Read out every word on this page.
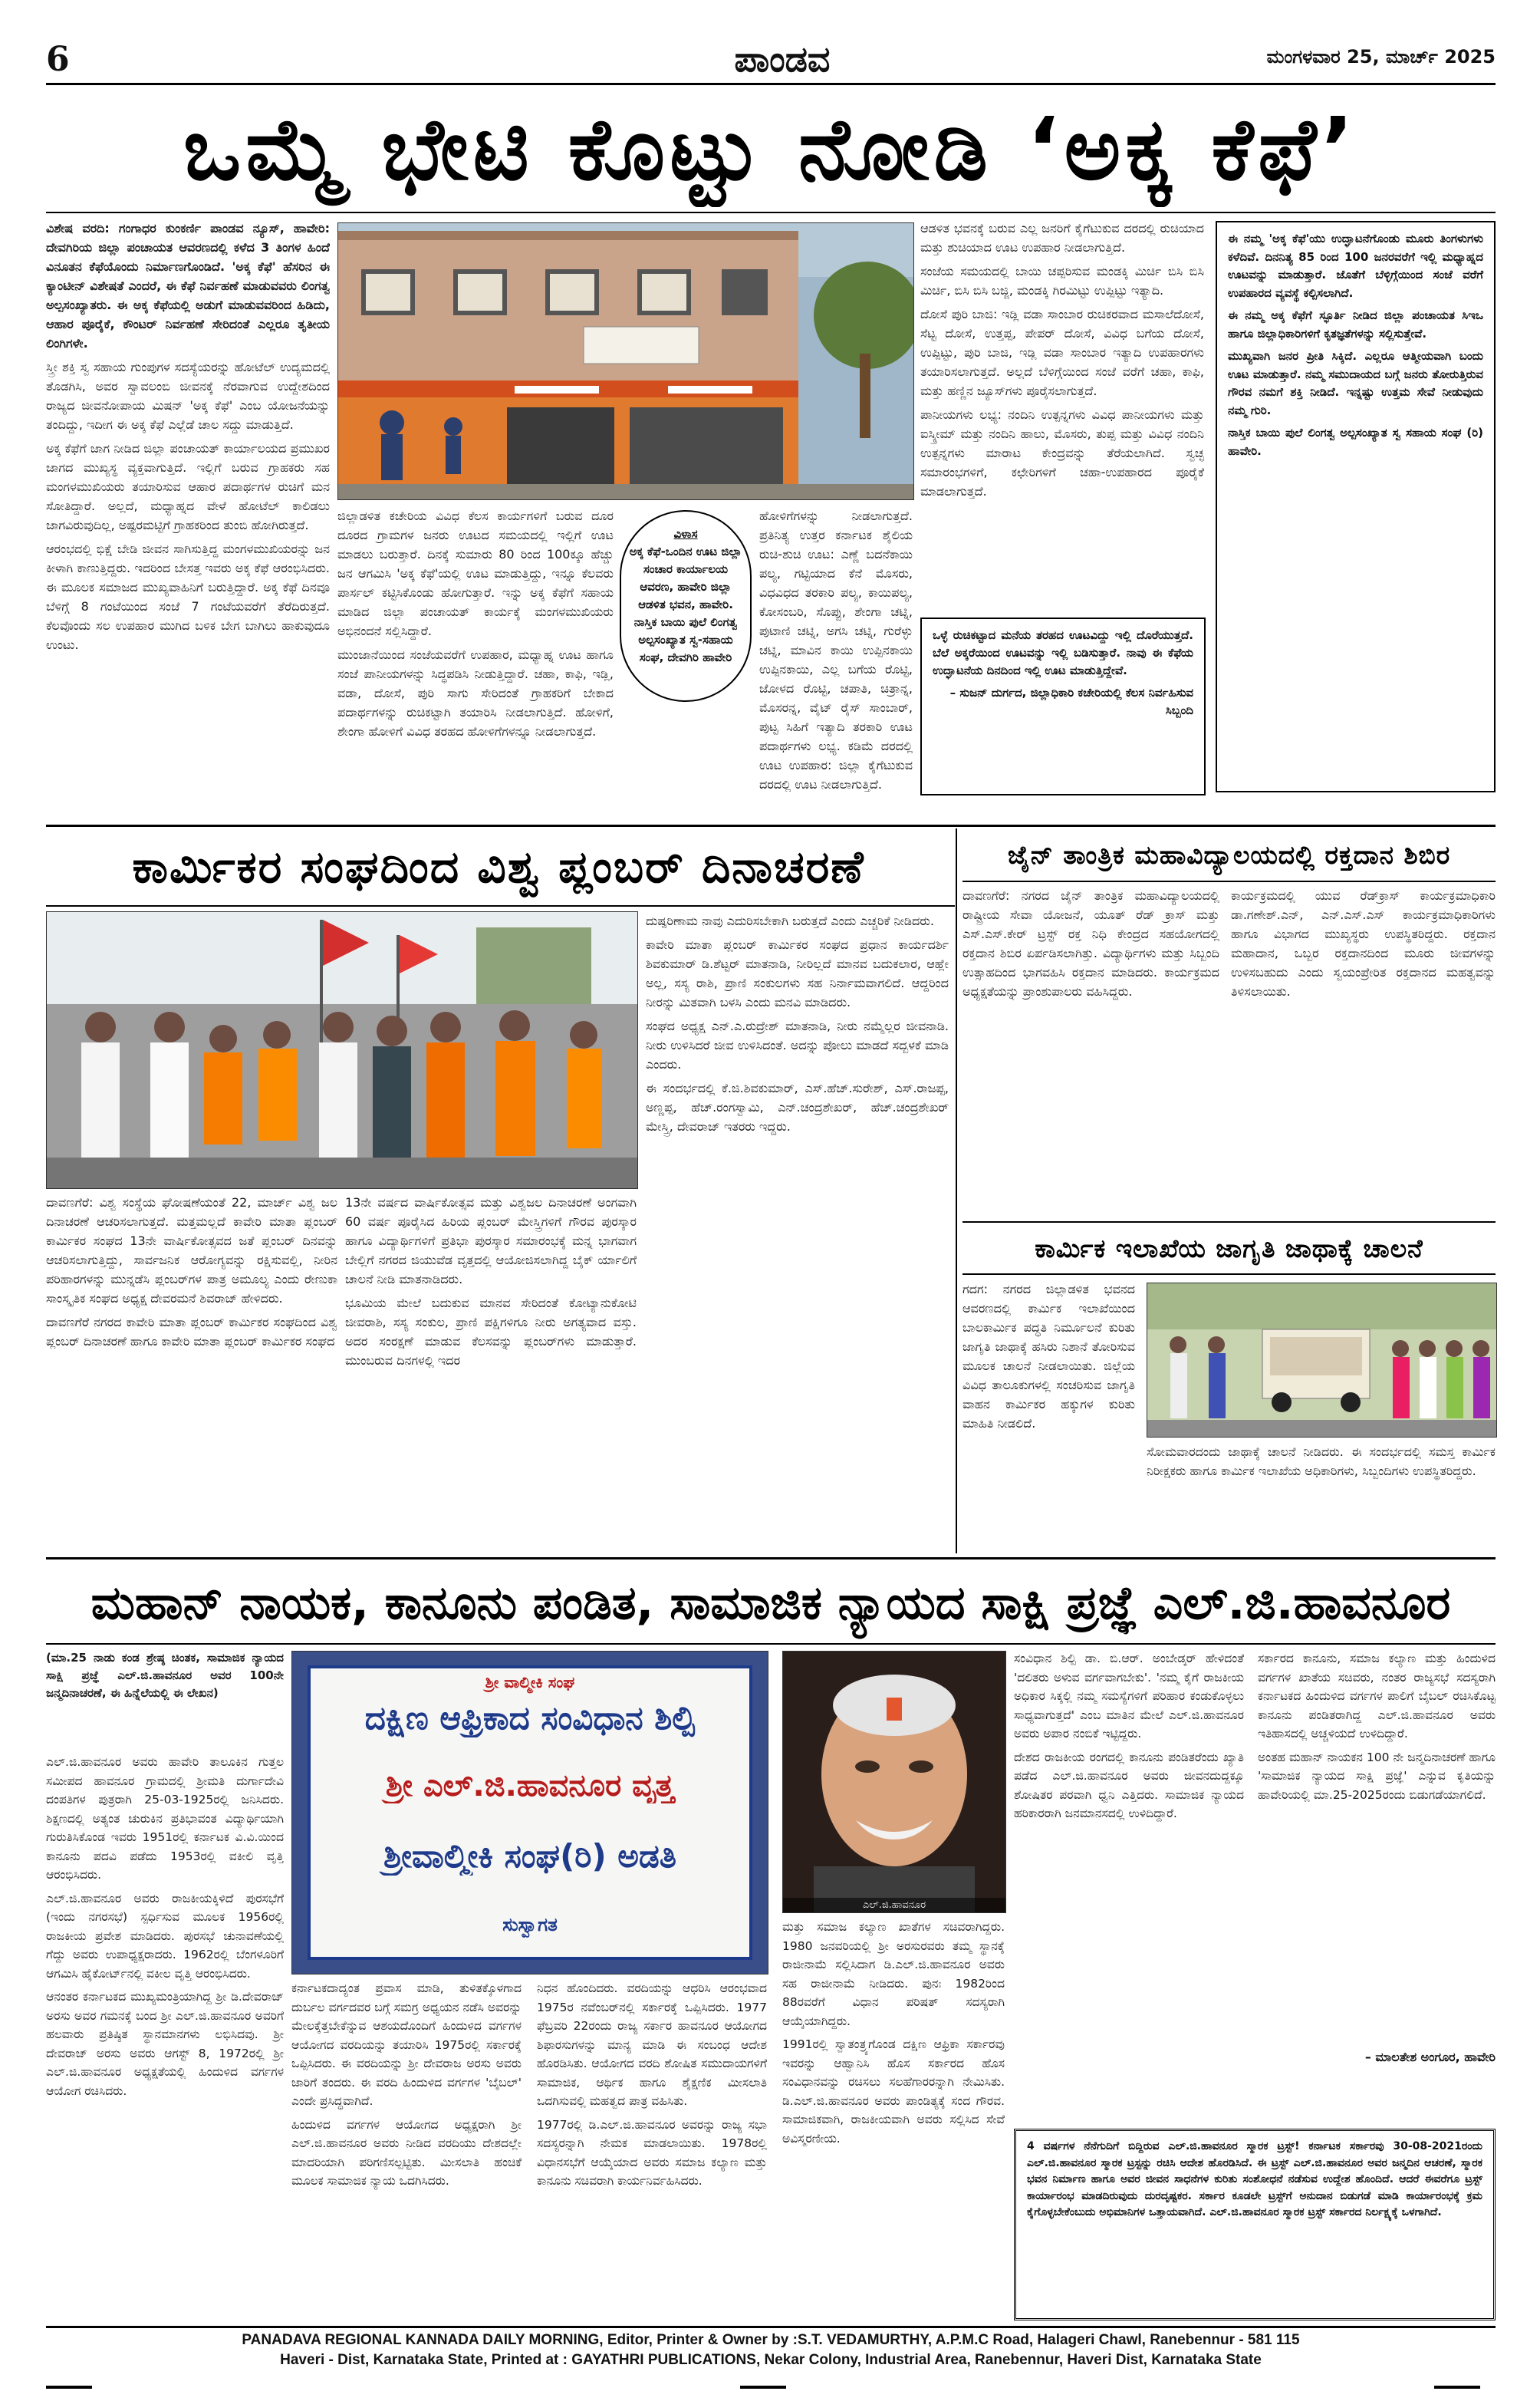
6	ಪಾಂಡವ	ಮಂಗಳವಾರ 25, ಮಾರ್ಚ್ 2025
ಒಮ್ಮೆ ಭೇಟಿ ಕೊಟ್ಟು ನೋಡಿ ‘ಅಕ್ಕ ಕೆಫೆ’

ವಿಶೇಷ ವರದಿ: ಗಂಗಾಧರ ಕುಂಕರ್ಣಿ ಪಾಂಡವ ನ್ಯೂಸ್, ಹಾವೇರಿ: ದೇವಗಿರಿಯ ಜಿಲ್ಲಾ ಪಂಚಾಯತ ಆವರಣದಲ್ಲಿ ಕಳೆದ 3 ತಿಂಗಳ ಹಿಂದೆ ವಿನೂತನ ಕೆಫೆಯೊಂದು ನಿರ್ಮಾಣಗೊಂಡಿದೆ. 'ಅಕ್ಕ ಕೆಫೆ' ಹೆಸರಿನ ಈ ಕ್ಯಾಂಟೀನ್ ವಿಶೇಷತೆ ಎಂದರೆ, ಈ ಕೆಫೆ ನಿರ್ವಹಣೆ ಮಾಡುವವರು ಲಿಂಗತ್ವ ಅಲ್ಪಸಂಖ್ಯಾತರು. ಈ ಅಕ್ಕ ಕೆಫೆಯಲ್ಲಿ ಅಡುಗೆ ಮಾಡುವವರಿಂದ ಹಿಡಿದು, ಆಹಾರ ಪೂರೈಕೆ, ಕೌಂಟರ್ ನಿರ್ವಹಣೆ ಸೇರಿದಂತೆ ಎಲ್ಲರೂ ತೃತೀಯ ಲಿಂಗಿಗಳೇ.

ಸ್ತ್ರೀ ಶಕ್ತಿ ಸ್ವ ಸಹಾಯ ಗುಂಪುಗಳ ಸದಸ್ಯೆಯರನ್ನು ಹೋಟೆಲ್ ಉದ್ಯಮದಲ್ಲಿ ತೊಡಗಿಸಿ, ಅವರ ಸ್ವಾವಲಂಬಿ ಜೀವನಕ್ಕೆ ನೆರವಾಗುವ ಉದ್ದೇಶದಿಂದ ರಾಜ್ಯದ ಜೀವನೋಪಾಯ ಮಿಷನ್ 'ಅಕ್ಕ ಕೆಫೆ' ಎಂಬ ಯೋಜನೆಯನ್ನು ತಂದಿದ್ದು, ಇದೀಗ ಈ ಅಕ್ಕ ಕೆಫೆ ಎಲ್ಲೆಡೆ ಚಾಲ ಸದ್ದು ಮಾಡುತ್ತಿದೆ.

ಅಕ್ಕ ಕೆಫೆಗೆ ಜಾಗ ನೀಡಿದ ಜಿಲ್ಲಾ ಪಂಚಾಯತ್ ಕಾರ್ಯಾಲಯದ ಪ್ರಮುಖರ ಜಾಗದ ಮುಖ್ಯಸ್ಥ ವ್ಯಕ್ತವಾಗುತ್ತಿದೆ. ಇಲ್ಲಿಗೆ ಬರುವ ಗ್ರಾಹಕರು ಸಹ ಮಂಗಳಮುಖಿಯರು ತಯಾರಿಸುವ ಆಹಾರ ಪದಾರ್ಥಗಳ ರುಚಿಗೆ ಮನ ಸೋತಿದ್ದಾರೆ. ಅಲ್ಲದೆ, ಮಧ್ಯಾಹ್ನದ ವೇಳೆ ಹೋಟೆಲ್ ಕಾಲಿಡಲು ಜಾಗವಿರುವುದಿಲ್ಲ, ಅಷ್ಟರಮಟ್ಟಿಗೆ ಗ್ರಾಹಕರಿಂದ ತುಂಬಿ ಹೋಗಿರುತ್ತದೆ.

ಆರಂಭದಲ್ಲಿ ಭಿಕ್ಷೆ ಬೇಡಿ ಜೀವನ ಸಾಗಿಸುತ್ತಿದ್ದ ಮಂಗಳಮುಖಿಯರನ್ನು ಜನ ಕೀಳಾಗಿ ಕಾಣುತ್ತಿದ್ದರು. ಇದರಿಂದ ಬೇಸತ್ತ ಇವರು ಅಕ್ಕ ಕೆಫೆ ಆರಂಭಿಸಿದರು. ಈ ಮೂಲಕ ಸಮಾಜದ ಮುಖ್ಯವಾಹಿನಿಗೆ ಬರುತ್ತಿದ್ದಾರೆ. ಅಕ್ಕ ಕೆಫೆ ದಿನವೂ ಬೆಳಿಗ್ಗೆ 8 ಗಂಟೆಯಿಂದ ಸಂಜೆ 7 ಗಂಟೆಯವರೆಗೆ ತೆರೆದಿರುತ್ತದೆ. ಕೆಲವೊಂದು ಸಲ ಉಪಹಾರ ಮುಗಿದ ಬಳಿಕ ಬೇಗ ಬಾಗಿಲು ಹಾಕುವುದೂ ಉಂಟು.

ಜಿಲ್ಲಾಡಳಿತ ಕಚೇರಿಯ ವಿವಿಧ ಕೆಲಸ ಕಾರ್ಯಗಳಿಗೆ ಬರುವ ದೂರ ದೂರದ ಗ್ರಾಮಗಳ ಜನರು ಊಟದ ಸಮಯದಲ್ಲಿ ಇಲ್ಲಿಗೆ ಊಟ ಮಾಡಲು ಬರುತ್ತಾರೆ. ದಿನಕ್ಕೆ ಸುಮಾರು 80 ರಿಂದ 100ಕ್ಕೂ ಹೆಚ್ಚು ಜನ ಆಗಮಿಸಿ 'ಅಕ್ಕ ಕೆಫೆ'ಯಲ್ಲಿ ಊಟ ಮಾಡುತ್ತಿದ್ದು, ಇನ್ನೂ ಕೆಲವರು ಪಾರ್ಸಲ್ ಕಟ್ಟಿಸಿಕೊಂಡು ಹೋಗುತ್ತಾರೆ. ಇನ್ನು ಅಕ್ಕ ಕೆಫೆಗೆ ಸಹಾಯ ಮಾಡಿದ ಜಿಲ್ಲಾ ಪಂಚಾಯತ್ ಕಾರ್ಯಕ್ಕೆ ಮಂಗಳಮುಖಿಯರು ಅಭಿನಂದನೆ ಸಲ್ಲಿಸಿದ್ದಾರೆ.

ಮುಂಜಾನೆಯಿಂದ ಸಂಜೆಯವರೆಗೆ ಉಪಹಾರ, ಮಧ್ಯಾಹ್ನ ಊಟ ಹಾಗೂ ಸಂಜೆ ಪಾನೀಯಗಳನ್ನು ಸಿದ್ಧಪಡಿಸಿ ನೀಡುತ್ತಿದ್ದಾರೆ. ಚಹಾ, ಕಾಫಿ, ಇಡ್ಲಿ, ವಡಾ, ದೋಸೆ, ಪುರಿ ಸಾಗು ಸೇರಿದಂತೆ ಗ್ರಾಹಕರಿಗೆ ಬೇಕಾದ ಪದಾರ್ಥಗಳನ್ನು ರುಚಿಕಟ್ಟಾಗಿ ತಯಾರಿಸಿ ನೀಡಲಾಗುತ್ತಿದೆ. ಹೋಳಿಗೆ, ಶೇಂಗಾ ಹೋಳಿಗೆ ವಿವಿಧ ತರಹದ ಹೋಳಿಗೆಗಳನ್ನೂ ನೀಡಲಾಗುತ್ತದೆ.

ವಿಳಾಸ
ಅಕ್ಕ ಕೆಫೆ-ಒಂದಿನ ಊಟ ಜಿಲ್ಲಾ ಸಂಚಾರ ಕಾರ್ಯಾಲಯ ಆವರಣ, ಹಾವೇರಿ ಜಿಲ್ಲಾ ಆಡಳಿತ ಭವನ, ಹಾವೇರಿ. ನಾಸ್ತಿಕ ಬಾಯಿ ಪುಲೆ ಲಿಂಗತ್ವ ಅಲ್ಪಸಂಖ್ಯಾತ ಸ್ವ-ಸಹಾಯ ಸಂಘ, ದೇವಗಿರಿ ಹಾವೇರಿ

ಹೋಳಿಗೆಗಳನ್ನು ನೀಡಲಾಗುತ್ತದೆ. ಪ್ರತಿನಿತ್ಯ ಉತ್ತರ ಕರ್ನಾಟಕ ಶೈಲಿಯ ರುಚಿ-ಶುಚಿ ಊಟ: ಎಣ್ಣೆ ಬದನೆಕಾಯಿ ಪಲ್ಯ, ಗಟ್ಟಿಯಾದ ಕೆನೆ ಮೊಸರು, ವಿಧವಿಧದ ತರಕಾರಿ ಪಲ್ಯ, ಕಾಯಿಪಲ್ಯ, ಕೋಸಂಬರಿ, ಸೊಪ್ಪು, ಶೇಂಗಾ ಚಟ್ನಿ, ಪುಟಾಣಿ ಚಟ್ನಿ, ಅಗಸಿ ಚಟ್ನಿ, ಗುರೆಳ್ಳು ಚಟ್ನಿ, ಮಾವಿನ ಕಾಯಿ ಉಪ್ಪಿನಕಾಯಿ ಉಪ್ಪಿನಕಾಯಿ, ಎಲ್ಲ ಬಗೆಯ ರೊಟ್ಟಿ, ಜೋಳದ ರೊಟ್ಟಿ, ಚಪಾತಿ, ಚಿತ್ರಾನ್ನ, ಮೊಸರನ್ನ, ವೈಟ್ ರೈಸ್ ಸಾಂಬಾರ್, ಪುಟ್ಟ ಸಿಹಿಗೆ ಇತ್ಯಾದಿ ತರಕಾರಿ ಊಟ ಪದಾರ್ಥಗಳು ಲಭ್ಯ. ಕಡಿಮೆ ದರದಲ್ಲಿ ಊಟ ಉಪಹಾರ: ಜಿಲ್ಲಾ ಕೈಗೆಟುಕುವ ದರದಲ್ಲಿ ಊಟ ನೀಡಲಾಗುತ್ತಿದೆ.

ಆಡಳಿತ ಭವನಕ್ಕೆ ಬರುವ ಎಲ್ಲ ಜನರಿಗೆ ಕೈಗೆಟುಕುವ ದರದಲ್ಲಿ ರುಚಿಯಾದ ಮತ್ತು ಶುಚಿಯಾದ ಊಟ ಉಪಹಾರ ನೀಡಲಾಗುತ್ತಿದೆ.

ಸಂಜೆಯ ಸಮಯದಲ್ಲಿ ಬಾಯಿ ಚಪ್ಪರಿಸುವ ಮಂಡಕ್ಕಿ ಮಿರ್ಚಿ ಬಿಸಿ ಬಿಸಿ ಮಿರ್ಚಿ, ಬಿಸಿ ಬಿಸಿ ಬಜ್ಜಿ, ಮಂಡಕ್ಕಿ ಗಿರಮಿಟ್ಟು ಉಪ್ಪಿಟ್ಟು ಇತ್ಯಾದಿ.

ದೋಸೆ ಪುರಿ ಬಾಜಿ: ಇಡ್ಲಿ ವಡಾ ಸಾಂಬಾರ ರುಚಿಕರವಾದ ಮಸಾಲೆದೋಸೆ, ಸೆಟ್ಟ ದೋಸೆ, ಉತ್ತಪ್ಪ, ಪೇಪರ್ ದೋಸೆ, ವಿವಿಧ ಬಗೆಯ ದೋಸೆ, ಉಪ್ಪಿಟ್ಟು, ಪುರಿ ಬಾಜಿ, ಇಡ್ಲಿ ವಡಾ ಸಾಂಬಾರ ಇತ್ಯಾದಿ ಉಪಹಾರಗಳು ತಯಾರಿಸಲಾಗುತ್ತದೆ. ಅಲ್ಲದೆ ಬೆಳಿಗ್ಗೆಯಿಂದ ಸಂಜೆ ವರೆಗೆ ಚಹಾ, ಕಾಫಿ, ಮತ್ತು ಹಣ್ಣಿನ ಜ್ಯೂಸ್‌ಗಳು ಪೂರೈಸಲಾಗುತ್ತದೆ.

ಪಾನೀಯಗಳು ಲಭ್ಯ: ನಂದಿನಿ ಉತ್ಪನ್ನಗಳು ವಿವಿಧ ಪಾನೀಯಗಳು ಮತ್ತು ಐಸ್ಕ್ರೀಮ್ ಮತ್ತು ನಂದಿನಿ ಹಾಲು, ಮೊಸರು, ತುಪ್ಪ ಮತ್ತು ವಿವಿಧ ನಂದಿನಿ ಉತ್ಪನ್ನಗಳು ಮಾರಾಟ ಕೇಂದ್ರವನ್ನು ತೆರೆಯಲಾಗಿದೆ. ಸ್ವಚ್ಛ ಸಮಾರಂಭಗಳಿಗೆ, ಕಛೇರಿಗಳಿಗೆ ಚಹಾ-ಉಪಹಾರದ ಪೂರೈಕೆ ಮಾಡಲಾಗುತ್ತದೆ.

ಒಳ್ಳೆ ರುಚಿಕಟ್ಟಾದ ಮನೆಯ ತರಹದ ಊಟವಿದ್ದು ಇಲ್ಲಿ ದೊರೆಯುತ್ತದೆ. ಬೆಲೆ ಅಕ್ಕರೆಯಿಂದ ಊಟವನ್ನು ಇಲ್ಲಿ ಬಡಿಸುತ್ತಾರೆ. ನಾವು ಈ ಕೆಫೆಯ ಉದ್ಘಾಟನೆಯ ದಿನದಿಂದ ಇಲ್ಲಿ ಊಟ ಮಾಡುತ್ತಿದ್ದೇವೆ.
– ಸುಜನ್ ದುರ್ಗದ, ಜಿಲ್ಲಾಧಿಕಾರಿ ಕಚೇರಿಯಲ್ಲಿ ಕೆಲಸ ನಿರ್ವಹಿಸುವ ಸಿಬ್ಬಂದಿ

ಈ ನಮ್ಮ 'ಅಕ್ಕ ಕೆಫೆ'ಯು ಉದ್ಘಾಟನೆಗೊಂಡು ಮೂರು ತಿಂಗಳುಗಳು ಕಳೆದಿವೆ. ದಿನನಿತ್ಯ 85 ರಿಂದ 100 ಜನರವರೆಗೆ ಇಲ್ಲಿ ಮಧ್ಯಾಹ್ನದ ಊಟವನ್ನು ಮಾಡುತ್ತಾರೆ. ಜೊತೆಗೆ ಬೆಳ್ಳಿಗ್ಗೆಯಿಂದ ಸಂಜೆ ವರೆಗೆ ಉಪಹಾರದ ವ್ಯವಸ್ಥೆ ಕಲ್ಪಿಸಲಾಗಿದೆ.

ಈ ನಮ್ಮ ಅಕ್ಕ ಕೆಫೆಗೆ ಸ್ಫೂರ್ತಿ ನೀಡಿದ ಜಿಲ್ಲಾ ಪಂಚಾಯತ ಸಿಇಒ ಹಾಗೂ ಜಿಲ್ಲಾಧಿಕಾರಿಗಳಿಗೆ ಕೃತಜ್ಞತೆಗಳನ್ನು ಸಲ್ಲಿಸುತ್ತೇವೆ.

ಮುಖ್ಯವಾಗಿ ಜನರ ಪ್ರೀತಿ ಸಿಕ್ಕಿದೆ. ಎಲ್ಲರೂ ಆತ್ಮೀಯವಾಗಿ ಬಂದು ಊಟ ಮಾಡುತ್ತಾರೆ. ನಮ್ಮ ಸಮುದಾಯದ ಬಗ್ಗೆ ಜನರು ತೋರುತ್ತಿರುವ ಗೌರವ ನಮಗೆ ಶಕ್ತಿ ನೀಡಿದೆ. ಇನ್ನಷ್ಟು ಉತ್ತಮ ಸೇವೆ ನೀಡುವುದು ನಮ್ಮ ಗುರಿ.

ನಾಸ್ತಿಕ ಬಾಯಿ ಪುಲೆ ಲಿಂಗತ್ವ ಅಲ್ಪಸಂಖ್ಯಾತ ಸ್ವ ಸಹಾಯ ಸಂಘ (ರಿ) ಹಾವೇರಿ.

ಕಾರ್ಮಿಕರ ಸಂಘದಿಂದ ವಿಶ್ವ ಪ್ಲಂಬರ್ ದಿನಾಚರಣೆ

ದಾವಣಗೆರೆ: ವಿಶ್ವ ಸಂಸ್ಥೆಯ ಘೋಷಣೆಯಂತೆ 22, ಮಾರ್ಚ್ ವಿಶ್ವ ಜಲ ದಿನಾಚರಣೆ ಆಚರಿಸಲಾಗುತ್ತದೆ. ಮತ್ತಮಲ್ಲದೆ ಕಾವೇರಿ ಮಾತಾ ಪ್ಲಂಬರ್ ಕಾರ್ಮಿಕರ ಸಂಘದ 13ನೇ ವಾರ್ಷಿಕೋತ್ಸವದ ಜತೆ ಪ್ಲಂಬರ್ ದಿನವನ್ನು ಆಚರಿಸಲಾಗುತ್ತಿದ್ದು, ಸಾರ್ವಜನಿಕ ಆರೋಗ್ಯವನ್ನು ರಕ್ಷಿಸುವಲ್ಲಿ, ನೀರಿನ ಪರಿಹಾರಗಳನ್ನು ಮುನ್ನಡೆಸಿ ಪ್ಲಂಬರ್‌ಗಳ ಪಾತ್ರ ಅಮೂಲ್ಯ ಎಂದು ರೇಣುಕಾ ಸಾಂಸ್ಕೃತಿಕ ಸಂಘದ ಅಧ್ಯಕ್ಷ ದೇವರಮನೆ ಶಿವರಾಜ್ ಹೇಳಿದರು.

ದಾವಣಗೆರೆ ನಗರದ ಕಾವೇರಿ ಮಾತಾ ಪ್ಲಂಬರ್ ಕಾರ್ಮಿಕರ ಸಂಘದಿಂದ ವಿಶ್ವ ಪ್ಲಂಬರ್ ದಿನಾಚರಣೆ ಹಾಗೂ ಕಾವೇರಿ ಮಾತಾ ಪ್ಲಂಬರ್ ಕಾರ್ಮಿಕರ ಸಂಘದ

13ನೇ ವರ್ಷದ ವಾರ್ಷಿಕೋತ್ಸವ ಮತ್ತು ವಿಶ್ವಜಲ ದಿನಾಚರಣೆ ಅಂಗವಾಗಿ 60 ವರ್ಷ ಪೂರೈಸಿದ ಹಿರಿಯ ಪ್ಲಂಬರ್ ಮೇಸ್ತ್ರಿಗಳಿಗೆ ಗೌರವ ಪುರಸ್ಕಾರ ಹಾಗೂ ವಿದ್ಯಾರ್ಥಿಗಳಿಗೆ ಪ್ರತಿಭಾ ಪುರಸ್ಕಾರ ಸಮಾರಂಭಕ್ಕೆ ಮನ್ನ ಭಾಗವಾಗ ಬೇಲ್ಲಿಗೆ ನಗರದ ಜಿಯುವೆಡ ವೃತ್ತದಲ್ಲಿ ಆಯೋಜಿಸಲಾಗಿದ್ದ ಬೈಕ್ ರ್ಯಾಲಿಗೆ ಚಾಲನೆ ನೀಡಿ ಮಾತನಾಡಿದರು.

ಭೂಮಿಯ ಮೇಲೆ ಬದುಕುವ ಮಾನವ ಸೇರಿದಂತೆ ಕೋಟ್ಯಾನುಕೋಟಿ ಜೀವರಾಶಿ, ಸಸ್ಯ ಸಂಕುಲ, ಪ್ರಾಣಿ ಪಕ್ಷಿಗಳಿಗೂ ನೀರು ಅಗತ್ಯವಾದ ವಸ್ತು. ಅದರ ಸಂರಕ್ಷಣೆ ಮಾಡುವ ಕೆಲಸವನ್ನು ಪ್ಲಂಬರ್‌ಗಳು ಮಾಡುತ್ತಾರೆ. ಮುಂಬರುವ ದಿನಗಳಲ್ಲಿ ಇದರ

ದುಷ್ಪರಿಣಾಮ ನಾವು ಎದುರಿಸಬೇಕಾಗಿ ಬರುತ್ತದೆ ಎಂದು ಎಚ್ಚರಿಕೆ ನೀಡಿದರು.

ಕಾವೇರಿ ಮಾತಾ ಪ್ಲಂಬರ್ ಕಾರ್ಮಿಕರ ಸಂಘದ ಪ್ರಧಾನ ಕಾರ್ಯದರ್ಶಿ ಶಿವಕುಮಾರ್ ಡಿ.ಶೆಟ್ಟರ್ ಮಾತನಾಡಿ, ನೀರಿಲ್ಲದೆ ಮಾನವ ಬದುಕಲಾರ, ಆಹ್ಲೇ ಅಲ್ಲ, ಸಸ್ಯ ರಾಶಿ, ಪ್ರಾಣಿ ಸಂಕುಲಗಳು ಸಹ ನಿರ್ನಾಮವಾಗಲಿದೆ. ಆದ್ದರಿಂದ ನೀರನ್ನು ಮಿತವಾಗಿ ಬಳಸಿ ಎಂದು ಮನವಿ ಮಾಡಿದರು.

ಸಂಘದ ಅಧ್ಯಕ್ಷ ಎನ್.ಎ.ರುದ್ರೇಶ್ ಮಾತನಾಡಿ, ನೀರು ನಮ್ಮೆಲ್ಲರ ಜೀವನಾಡಿ. ನೀರು ಉಳಿಸಿದರೆ ಜೀವ ಉಳಿಸಿದಂತೆ. ಅದನ್ನು ಪೋಲು ಮಾಡದೆ ಸದ್ಬಳಕೆ ಮಾಡಿ ಎಂದರು.

ಈ ಸಂದರ್ಭದಲ್ಲಿ ಕೆ.ಜಿ.ಶಿವಕುಮಾರ್, ಎಸ್.ಹೆಚ್.ಸುರೇಶ್, ಎಸ್.ರಾಜಪ್ಪ, ಅಣ್ಣಪ್ಪ, ಹೆಚ್.ರಂಗಸ್ವಾಮಿ, ಎನ್.ಚಂದ್ರಶೇಖರ್, ಹೆಚ್.ಚಂದ್ರಶೇಖರ್ ಮೇಸ್ತ್ರಿ, ದೇವರಾಜ್ ಇತರರು ಇದ್ದರು.

ಜೈನ್ ತಾಂತ್ರಿಕ ಮಹಾವಿದ್ಯಾಲಯದಲ್ಲಿ ರಕ್ತದಾನ ಶಿಬಿರ

ದಾವಣಗೆರೆ: ನಗರದ ಜೈನ್ ತಾಂತ್ರಿಕ ಮಹಾವಿದ್ಯಾಲಯದಲ್ಲಿ ರಾಷ್ಟ್ರೀಯ ಸೇವಾ ಯೋಜನೆ, ಯೂತ್ ರೆಡ್ ಕ್ರಾಸ್ ಮತ್ತು ಎಸ್.ಎಸ್.ಕೇರ್ ಟ್ರಸ್ಟ್ ರಕ್ತ ನಿಧಿ ಕೇಂದ್ರದ ಸಹಯೋಗದಲ್ಲಿ ರಕ್ತದಾನ ಶಿಬಿರ ಏರ್ಪಡಿಸಲಾಗಿತ್ತು. ವಿದ್ಯಾರ್ಥಿಗಳು ಮತ್ತು ಸಿಬ್ಬಂದಿ ಉತ್ಸಾಹದಿಂದ ಭಾಗವಹಿಸಿ ರಕ್ತದಾನ ಮಾಡಿದರು. ಕಾರ್ಯಕ್ರಮದ ಅಧ್ಯಕ್ಷತೆಯನ್ನು ಪ್ರಾಂಶುಪಾಲರು ವಹಿಸಿದ್ದರು.

ಕಾರ್ಯಕ್ರಮದಲ್ಲಿ ಯುವ ರೆಡ್‌ಕ್ರಾಸ್ ಕಾರ್ಯಕ್ರಮಾಧಿಕಾರಿ ಡಾ.ಗಣೇಶ್.ಎನ್, ಎನ್.ಎಸ್.ಎಸ್ ಕಾರ್ಯಕ್ರಮಾಧಿಕಾರಿಗಳು ಹಾಗೂ ವಿಭಾಗದ ಮುಖ್ಯಸ್ಥರು ಉಪಸ್ಥಿತರಿದ್ದರು. ರಕ್ತದಾನ ಮಹಾದಾನ, ಒಬ್ಬರ ರಕ್ತದಾನದಿಂದ ಮೂರು ಜೀವಗಳನ್ನು ಉಳಿಸಬಹುದು ಎಂದು ಸ್ವಯಂಪ್ರೇರಿತ ರಕ್ತದಾನದ ಮಹತ್ವವನ್ನು ತಿಳಿಸಲಾಯಿತು.

ಕಾರ್ಮಿಕ ಇಲಾಖೆಯ ಜಾಗೃತಿ ಜಾಥಾಕ್ಕೆ ಚಾಲನೆ

ಗದಗ: ನಗರದ ಜಿಲ್ಲಾಡಳಿತ ಭವನದ ಆವರಣದಲ್ಲಿ ಕಾರ್ಮಿಕ ಇಲಾಖೆಯಿಂದ ಬಾಲಕಾರ್ಮಿಕ ಪದ್ಧತಿ ನಿರ್ಮೂಲನೆ ಕುರಿತು ಜಾಗೃತಿ ಜಾಥಾಕ್ಕೆ ಹಸಿರು ನಿಶಾನೆ ತೋರಿಸುವ ಮೂಲಕ ಚಾಲನೆ ನೀಡಲಾಯಿತು. ಜಿಲ್ಲೆಯ ವಿವಿಧ ತಾಲೂಕುಗಳಲ್ಲಿ ಸಂಚರಿಸುವ ಜಾಗೃತಿ ವಾಹನ ಕಾರ್ಮಿಕರ ಹಕ್ಕುಗಳ ಕುರಿತು ಮಾಹಿತಿ ನೀಡಲಿದೆ.

ಸೋಮವಾರದಂದು ಜಾಥಾಕ್ಕೆ ಚಾಲನೆ ನೀಡಿದರು. ಈ ಸಂದರ್ಭದಲ್ಲಿ ಸಮಸ್ತ ಕಾರ್ಮಿಕ ನಿರೀಕ್ಷಕರು ಹಾಗೂ ಕಾರ್ಮಿಕ ಇಲಾಖೆಯ ಅಧಿಕಾರಿಗಳು, ಸಿಬ್ಬಂದಿಗಳು ಉಪಸ್ಥಿತರಿದ್ದರು.

ಮಹಾನ್ ನಾಯಕ, ಕಾನೂನು ಪಂಡಿತ, ಸಾಮಾಜಿಕ ನ್ಯಾಯದ ಸಾಕ್ಷಿ ಪ್ರಜ್ಞೆ ಎಲ್.ಜಿ.ಹಾವನೂರ

(ಮಾ.25 ನಾಡು ಕಂಡ ಶ್ರೇಷ್ಠ ಚಿಂತಕ, ಸಾಮಾಜಿಕ ನ್ಯಾಯದ ಸಾಕ್ಷಿ ಪ್ರಜ್ಞೆ ಎಲ್.ಜಿ.ಹಾವನೂರ ಅವರ 100ನೇ ಜನ್ಮದಿನಾಚರಣೆ, ಈ ಹಿನ್ನೆಲೆಯಲ್ಲಿ ಈ ಲೇಖನ)

ಎಲ್.ಜಿ.ಹಾವನೂರ ಅವರು ಹಾವೇರಿ ತಾಲೂಕಿನ ಗುತ್ತಲ ಸಮೀಪದ ಹಾವನೂರ ಗ್ರಾಮದಲ್ಲಿ ಶ್ರೀಮತಿ ದುರ್ಗಾದೇವಿ ದಂಪತಿಗಳ ಪುತ್ರರಾಗಿ 25-03-1925ರಲ್ಲಿ ಜನಿಸಿದರು. ಶಿಕ್ಷಣದಲ್ಲಿ ಅತ್ಯಂತ ಚುರುಕಿನ ಪ್ರತಿಭಾವಂತ ವಿದ್ಯಾರ್ಥಿಯಾಗಿ ಗುರುತಿಸಿಕೊಂಡ ಇವರು 1951ರಲ್ಲಿ ಕರ್ನಾಟಕ ವಿ.ವಿ.ಯಿಂದ ಕಾನೂನು ಪದವಿ ಪಡೆದು 1953ರಲ್ಲಿ ವಕೀಲಿ ವೃತ್ತಿ ಆರಂಭಿಸಿದರು.

ಎಲ್.ಜಿ.ಹಾವನೂರ ಅವರು ರಾಜಕೀಯಕ್ಕಿಳಿದೆ ಪುರಸಭೆಗೆ (ಇಂದು ನಗರಸಭೆ) ಸ್ಪರ್ಧಿಸುವ ಮೂಲಕ 1956ರಲ್ಲಿ ರಾಜಕೀಯ ಪ್ರವೇಶ ಮಾಡಿದರು. ಪುರಸಭೆ ಚುನಾವಣೆಯಲ್ಲಿ ಗೆದ್ದು ಅವರು ಉಪಾಧ್ಯಕ್ಷರಾದರು. 1962ರಲ್ಲಿ ಬೆಂಗಳೂರಿಗೆ ಆಗಮಿಸಿ ಹೈಕೋರ್ಟ್‌ನಲ್ಲಿ ವಕೀಲ ವೃತ್ತಿ ಆರಂಭಿಸಿದರು.

ಆನಂತರ ಕರ್ನಾಟಕದ ಮುಖ್ಯಮಂತ್ರಿಯಾಗಿದ್ದ ಶ್ರೀ ಡಿ.ದೇವರಾಜ್ ಅರಸು ಅವರ ಗಮನಕ್ಕೆ ಬಂದ ಶ್ರೀ ಎಲ್.ಜಿ.ಹಾವನೂರ ಅವರಿಗೆ ಹಲವಾರು ಪ್ರತಿಷ್ಠಿತ ಸ್ಥಾನಮಾನಗಳು ಲಭಿಸಿದವು. ಶ್ರೀ ದೇವರಾಜ್ ಅರಸು ಅವರು ಆಗಸ್ಟ್ 8, 1972ರಲ್ಲಿ ಶ್ರೀ ಎಲ್.ಜಿ.ಹಾವನೂರ ಅಧ್ಯಕ್ಷತೆಯಲ್ಲಿ ಹಿಂದುಳಿದ ವರ್ಗಗಳ ಆಯೋಗ ರಚಿಸಿದರು.

ಶ್ರೀ ವಾಲ್ಮೀಕಿ ಸಂಘ
ದಕ್ಷಿಣ ಆಫ್ರಿಕಾದ ಸಂವಿಧಾನ ಶಿಲ್ಪಿ
ಶ್ರೀ ಎಲ್.ಜಿ.ಹಾವನೂರ ವೃತ್ತ
ಶ್ರೀವಾಲ್ಮೀಕಿ ಸಂಘ(ರಿ) ಅಡತಿ
ಸುಸ್ವಾಗತ
ಎಲ್.ಜಿ.ಹಾವನೂರ

ಕರ್ನಾಟಕದಾದ್ಯಂತ ಪ್ರವಾಸ ಮಾಡಿ, ತುಳಿತಕ್ಕೊಳಗಾದ ದುರ್ಬಲ ವರ್ಗದವರ ಬಗ್ಗೆ ಸಮಗ್ರ ಅಧ್ಯಯನ ನಡೆಸಿ ಅವರನ್ನು ಮೇಲಕ್ಕೆತ್ತಬೇಕೆನ್ನುವ ಆಶಯದೊಂದಿಗೆ ಹಿಂದುಳಿದ ವರ್ಗಗಳ ಆಯೋಗದ ವರದಿಯನ್ನು ತಯಾರಿಸಿ 1975ರಲ್ಲಿ ಸರ್ಕಾರಕ್ಕೆ ಒಪ್ಪಿಸಿದರು. ಈ ವರದಿಯನ್ನು ಶ್ರೀ ದೇವರಾಜ ಅರಸು ಅವರು ಜಾರಿಗೆ ತಂದರು. ಈ ವರದಿ ಹಿಂದುಳಿದ ವರ್ಗಗಳ 'ಬೈಬಲ್' ಎಂದೇ ಪ್ರಸಿದ್ಧವಾಗಿದೆ.

ಹಿಂದುಳಿದ ವರ್ಗಗಳ ಆಯೋಗದ ಅಧ್ಯಕ್ಷರಾಗಿ ಶ್ರೀ ಎಲ್.ಜಿ.ಹಾವನೂರ ಅವರು ನೀಡಿದ ವರದಿಯು ದೇಶದಲ್ಲೇ ಮಾದರಿಯಾಗಿ ಪರಿಗಣಿಸಲ್ಪಟ್ಟಿತು. ಮೀಸಲಾತಿ ಹಂಚಿಕೆ ಮೂಲಕ ಸಾಮಾಜಿಕ ನ್ಯಾಯ ಒದಗಿಸಿದರು.

ನಿಧನ ಹೊಂದಿದರು. ವರದಿಯನ್ನು ಆಧರಿಸಿ ಆರಂಭವಾದ 1975ರ ನವೆಂಬರ್‌ನಲ್ಲಿ ಸರ್ಕಾರಕ್ಕೆ ಒಪ್ಪಿಸಿದರು. 1977 ಫೆಬ್ರವರಿ 22ರಂದು ರಾಜ್ಯ ಸರ್ಕಾರ ಹಾವನೂರ ಆಯೋಗದ ಶಿಫಾರಸುಗಳನ್ನು ಮಾನ್ಯ ಮಾಡಿ ಈ ಸಂಬಂಧ ಆದೇಶ ಹೊರಡಿಸಿತು. ಆಯೋಗದ ವರದಿ ಶೋಷಿತ ಸಮುದಾಯಗಳಿಗೆ ಸಾಮಾಜಿಕ, ಆರ್ಥಿಕ ಹಾಗೂ ಶೈಕ್ಷಣಿಕ ಮೀಸಲಾತಿ ಒದಗಿಸುವಲ್ಲಿ ಮಹತ್ವದ ಪಾತ್ರ ವಹಿಸಿತು.

1977ರಲ್ಲಿ ಡಿ.ಎಲ್.ಜಿ.ಹಾವನೂರ ಅವರನ್ನು ರಾಜ್ಯ ಸಭಾ ಸದಸ್ಯರನ್ನಾಗಿ ನೇಮಕ ಮಾಡಲಾಯಿತು. 1978ರಲ್ಲಿ ವಿಧಾನಸಭೆಗೆ ಆಯ್ಕೆಯಾದ ಅವರು ಸಮಾಜ ಕಲ್ಯಾಣ ಮತ್ತು ಕಾನೂನು ಸಚಿವರಾಗಿ ಕಾರ್ಯನಿರ್ವಹಿಸಿದರು.

ಮತ್ತು ಸಮಾಜ ಕಲ್ಯಾಣ ಖಾತೆಗಳ ಸಚಿವರಾಗಿದ್ದರು. 1980 ಜನವರಿಯಲ್ಲಿ ಶ್ರೀ ಅರಸುರವರು ತಮ್ಮ ಸ್ಥಾನಕ್ಕೆ ರಾಜೀನಾಮೆ ಸಲ್ಲಿಸಿದಾಗ ಡಿ.ಎಲ್.ಜಿ.ಹಾವನೂರ ಅವರು ಸಹ ರಾಜೀನಾಮೆ ನೀಡಿದರು. ಪುನಃ 1982ರಿಂದ 88ರವರೆಗೆ ವಿಧಾನ ಪರಿಷತ್ ಸದಸ್ಯರಾಗಿ ಆಯ್ಕೆಯಾಗಿದ್ದರು.

1991ರಲ್ಲಿ ಸ್ವಾತಂತ್ರ್ಯಗೊಂಡ ದಕ್ಷಿಣ ಆಫ್ರಿಕಾ ಸರ್ಕಾರವು ಇವರನ್ನು ಆಹ್ವಾನಿಸಿ ಹೊಸ ಸರ್ಕಾರದ ಹೊಸ ಸಂವಿಧಾನವನ್ನು ರಚಿಸಲು ಸಲಹೆಗಾರರನ್ನಾಗಿ ನೇಮಿಸಿತು. ಡಿ.ಎಲ್.ಜಿ.ಹಾವನೂರ ಅವರು ಪಾಂಡಿತ್ಯಕ್ಕೆ ಸಂದ ಗೌರವ. ಸಾಮಾಜಿಕವಾಗಿ, ರಾಜಕೀಯವಾಗಿ ಅವರು ಸಲ್ಲಿಸಿದ ಸೇವೆ ಅವಿಸ್ಮರಣೀಯ.

ಸಂವಿಧಾನ ಶಿಲ್ಪಿ ಡಾ. ಬಿ.ಆರ್. ಅಂಬೇಡ್ಕರ್ ಹೇಳಿದಂತೆ 'ದಲಿತರು ಅಳುವ ವರ್ಗವಾಗಬೇಕು'. 'ನಮ್ಮ ಕೈಗೆ ರಾಜಕೀಯ ಅಧಿಕಾರ ಸಿಕ್ಕಲ್ಲಿ ನಮ್ಮ ಸಮಸ್ಯೆಗಳಿಗೆ ಪರಿಹಾರ ಕಂಡುಕೊಳ್ಳಲು ಸಾಧ್ಯವಾಗುತ್ತದೆ' ಎಂಬ ಮಾತಿನ ಮೇಲೆ ಎಲ್.ಜಿ.ಹಾವನೂರ ಅವರು ಅಪಾರ ನಂಬಿಕೆ ಇಟ್ಟಿದ್ದರು.

ದೇಶದ ರಾಜಕೀಯ ರಂಗದಲ್ಲಿ ಕಾನೂನು ಪಂಡಿತರೆಂದು ಖ್ಯಾತಿ ಪಡೆದ ಎಲ್.ಜಿ.ಹಾವನೂರ ಅವರು ಜೀವನದುದ್ದಕ್ಕೂ ಶೋಷಿತರ ಪರವಾಗಿ ಧ್ವನಿ ಎತ್ತಿದರು. ಸಾಮಾಜಿಕ ನ್ಯಾಯದ ಹರಿಕಾರರಾಗಿ ಜನಮಾನಸದಲ್ಲಿ ಉಳಿದಿದ್ದಾರೆ.

ಸರ್ಕಾರದ ಕಾನೂನು, ಸಮಾಜ ಕಲ್ಯಾಣ ಮತ್ತು ಹಿಂದುಳಿದ ವರ್ಗಗಳ ಖಾತೆಯ ಸಚಿವರು, ನಂತರ ರಾಜ್ಯಸಭೆ ಸದಸ್ಯರಾಗಿ ಕರ್ನಾಟಕದ ಹಿಂದುಳಿದ ವರ್ಗಗಳ ಪಾಲಿಗೆ ಬೈಬಲ್ ರಚಿಸಿಕೊಟ್ಟ ಕಾನೂನು ಪಂಡಿತರಾಗಿದ್ದ ಎಲ್.ಜಿ.ಹಾವನೂರ ಅವರು ಇತಿಹಾಸದಲ್ಲಿ ಅಚ್ಚಳಿಯದೆ ಉಳಿದಿದ್ದಾರೆ.

ಅಂತಹ ಮಹಾನ್ ನಾಯಕನ 100 ನೇ ಜನ್ಮದಿನಾಚರಣೆ ಹಾಗೂ 'ಸಾಮಾಜಿಕ ನ್ಯಾಯದ ಸಾಕ್ಷಿ ಪ್ರಜ್ಞೆ' ಎನ್ನುವ ಕೃತಿಯನ್ನು ಹಾವೇರಿಯಲ್ಲಿ ಮಾ.25-2025ರಂದು ಬಿಡುಗಡೆಯಾಗಲಿದೆ.

– ಮಾಲತೇಶ ಅಂಗೂರ, ಹಾವೇರಿ
4 ವರ್ಷಗಳ ನೆನೆಗುದಿಗೆ ಬಿದ್ದಿರುವ ಎಲ್.ಜಿ.ಹಾವನೂರ ಸ್ಮಾರಕ ಟ್ರಸ್ಟ್! ಕರ್ನಾಟಕ ಸರ್ಕಾರವು 30-08-2021ರಂದು ಎಲ್.ಜಿ.ಹಾವನೂರ ಸ್ಮಾರಕ ಟ್ರಸ್ಟನ್ನು ರಚಿಸಿ ಆದೇಶ ಹೊರಡಿಸಿದೆ. ಈ ಟ್ರಸ್ಟ್ ಎಲ್.ಜಿ.ಹಾವನೂರ ಅವರ ಜನ್ಮದಿನ ಆಚರಣೆ, ಸ್ಮಾರಕ ಭವನ ನಿರ್ಮಾಣ ಹಾಗೂ ಅವರ ಜೀವನ ಸಾಧನೆಗಳ ಕುರಿತು ಸಂಶೋಧನೆ ನಡೆಸುವ ಉದ್ದೇಶ ಹೊಂದಿದೆ. ಆದರೆ ಈವರೆಗೂ ಟ್ರಸ್ಟ್ ಕಾರ್ಯಾರಂಭ ಮಾಡದಿರುವುದು ದುರದೃಷ್ಟಕರ. ಸರ್ಕಾರ ಕೂಡಲೇ ಟ್ರಸ್ಟ್‌ಗೆ ಅನುದಾನ ಬಿಡುಗಡೆ ಮಾಡಿ ಕಾರ್ಯಾರಂಭಕ್ಕೆ ಕ್ರಮ ಕೈಗೊಳ್ಳಬೇಕೆಂಬುದು ಅಭಿಮಾನಿಗಳ ಒತ್ತಾಯವಾಗಿದೆ. ಎಲ್.ಜಿ.ಹಾವನೂರ ಸ್ಮಾರಕ ಟ್ರಸ್ಟ್ ಸರ್ಕಾರದ ನಿರ್ಲಕ್ಷ್ಯಕ್ಕೆ ಒಳಗಾಗಿದೆ.
PANADAVA REGIONAL KANNADA DAILY MORNING, Editor, Printer & Owner by :S.T. VEDAMURTHY, A.P.M.C Road, Halageri Chawl, Ranebennur - 581 115
Haveri - Dist, Karnataka State, Printed at : GAYATHRI PUBLICATIONS, Nekar Colony, Industrial Area, Ranebennur, Haveri Dist, Karnataka State
